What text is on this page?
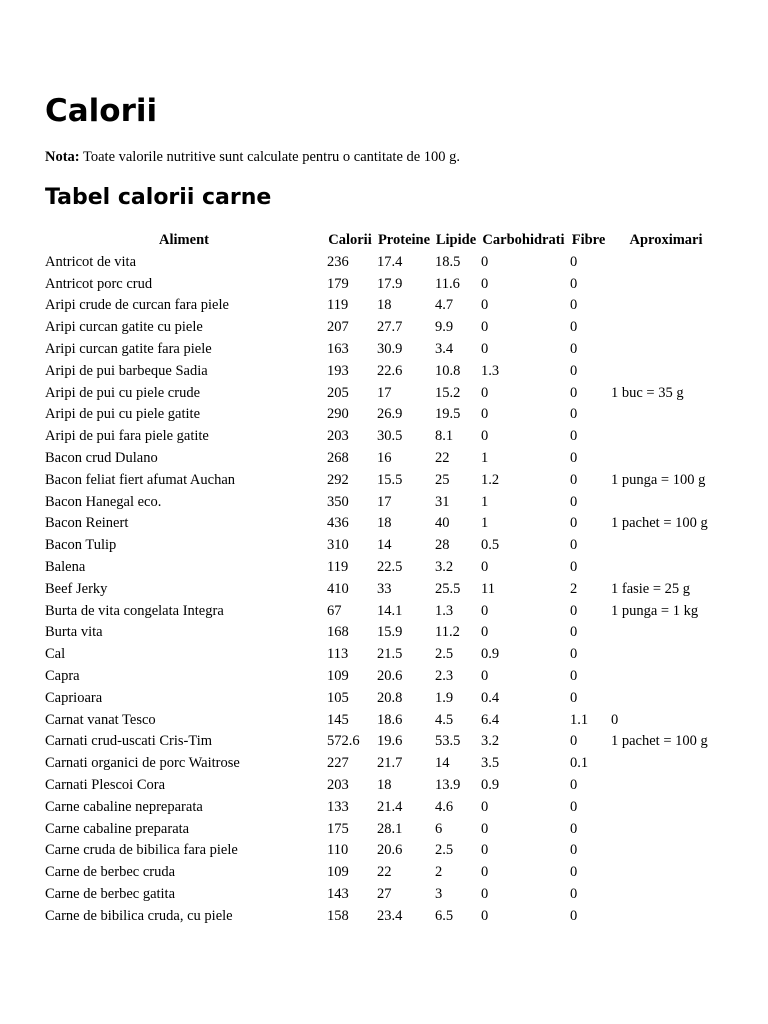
Calorii
Nota: Toate valorile nutritive sunt calculate pentru o cantitate de 100 g.
Tabel calorii carne
Aliment	Calorii	Proteine	Lipide	Carbohidrati	Fibre	Aproximari
Antricot de vita	236	17.4	18.5	0	0	
Antricot porc crud	179	17.9	11.6	0	0	
Aripi crude de curcan fara piele	119	18	4.7	0	0	
Aripi curcan gatite cu piele	207	27.7	9.9	0	0	
Aripi curcan gatite fara piele	163	30.9	3.4	0	0	
Aripi de pui barbeque Sadia	193	22.6	10.8	1.3	0	
Aripi de pui cu piele crude	205	17	15.2	0	0	1 buc = 35 g
Aripi de pui cu piele gatite	290	26.9	19.5	0	0	
Aripi de pui fara piele gatite	203	30.5	8.1	0	0	
Bacon crud Dulano	268	16	22	1	0	
Bacon feliat fiert afumat Auchan	292	15.5	25	1.2	0	1 punga = 100 g
Bacon Hanegal eco.	350	17	31	1	0	
Bacon Reinert	436	18	40	1	0	1 pachet = 100 g
Bacon Tulip	310	14	28	0.5	0	
Balena	119	22.5	3.2	0	0	
Beef Jerky	410	33	25.5	11	2	1 fasie = 25 g
Burta de vita congelata Integra	67	14.1	1.3	0	0	1 punga = 1 kg
Burta vita	168	15.9	11.2	0	0	
Cal	113	21.5	2.5	0.9	0	
Capra	109	20.6	2.3	0	0	
Caprioara	105	20.8	1.9	0.4	0	
Carnat vanat Tesco	145	18.6	4.5	6.4	1.1	0
Carnati crud-uscati Cris-Tim	572.6	19.6	53.5	3.2	0	1 pachet = 100 g
Carnati organici de porc Waitrose	227	21.7	14	3.5	0.1	
Carnati Plescoi Cora	203	18	13.9	0.9	0	
Carne cabaline nepreparata	133	21.4	4.6	0	0	
Carne cabaline preparata	175	28.1	6	0	0	
Carne cruda de bibilica fara piele	110	20.6	2.5	0	0	
Carne de berbec cruda	109	22	2	0	0	
Carne de berbec gatita	143	27	3	0	0	
Carne de bibilica cruda, cu piele	158	23.4	6.5	0	0	
